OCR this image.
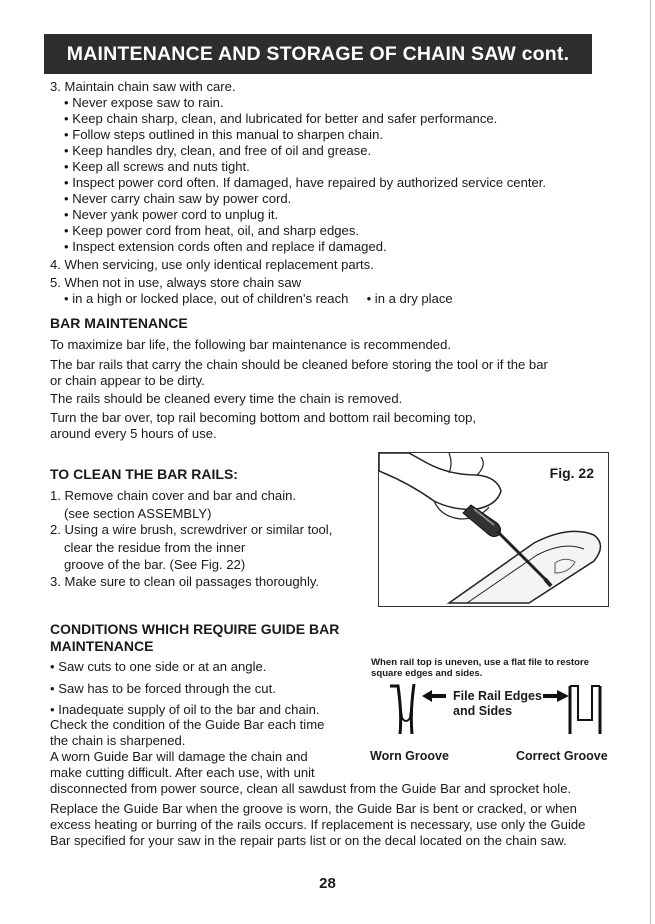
MAINTENANCE AND STORAGE OF CHAIN SAW cont.
3. Maintain chain saw with care.
• Never expose saw to rain.
• Keep chain sharp, clean, and lubricated for better and safer performance.
• Follow steps outlined in this manual to sharpen chain.
• Keep handles dry, clean, and free of oil and grease.
• Keep all screws and nuts tight.
• Inspect power cord often. If damaged, have repaired by authorized service center.
• Never carry chain saw by power cord.
• Never yank power cord to unplug it.
• Keep power cord from heat, oil, and sharp edges.
• Inspect extension cords often and replace if damaged.
4. When servicing, use only identical replacement parts.
5. When not in use, always store chain saw
• in a high or locked place, out of children's reach     • in a dry place
BAR MAINTENANCE
To maximize bar life, the following bar maintenance is recommended.
The bar rails that carry the chain should be cleaned before storing the tool or if the bar
or chain appear to be dirty.
The rails should be cleaned every time the chain is removed.
Turn the bar over, top rail becoming bottom and bottom rail becoming top,
around every 5 hours of use.
TO CLEAN THE BAR RAILS:
1. Remove chain cover and bar and chain.
(see section ASSEMBLY)
2. Using a wire brush, screwdriver or similar tool,
clear the residue from the inner
groove of the bar. (See Fig. 22)
3. Make sure to clean oil passages thoroughly.
Fig. 22
CONDITIONS WHICH REQUIRE GUIDE BAR
MAINTENANCE
• Saw cuts to one side or at an angle.
• Saw has to be forced through the cut.
• Inadequate supply of oil to the bar and chain.
Check the condition of the Guide Bar each time
the chain is sharpened.
A worn Guide Bar will damage the chain and
make cutting difficult. After each use, with unit
disconnected from power source, clean all sawdust from the Guide Bar and sprocket hole.
Replace the Guide Bar when the groove is worn, the Guide Bar is bent or cracked, or when
excess heating or burring of the rails occurs. If replacement is necessary, use only the Guide
Bar specified for your saw in the repair parts list or on the decal located on the chain saw.
When rail top is uneven, use a flat file to restore
square edges and sides.
File Rail Edges
and Sides
Worn Groove	Correct Groove
28
